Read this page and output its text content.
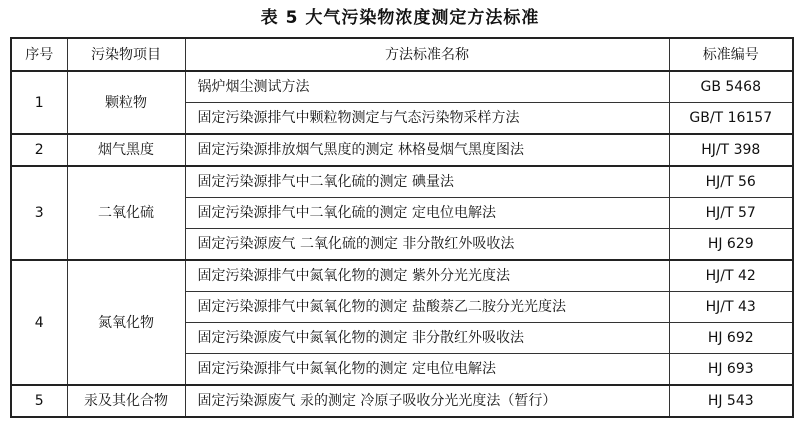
表 5 大气污染物浓度测定方法标准
序号	污染物项目	方法标准名称	标准编号
1	颗粒物	锅炉烟尘测试方法	GB 5468
		固定污染源排气中颗粒物测定与气态污染物采样方法	GB/T 16157
2	烟气黑度	固定污染源排放烟气黑度的测定 林格曼烟气黑度图法	HJ/T 398
3	二氧化硫	固定污染源排气中二氧化硫的测定 碘量法	HJ/T 56
		固定污染源排气中二氧化硫的测定 定电位电解法	HJ/T 57
		固定污染源废气 二氧化硫的测定 非分散红外吸收法	HJ 629
4	氮氧化物	固定污染源排气中氮氧化物的测定 紫外分光光度法	HJ/T 42
		固定污染源排气中氮氧化物的测定 盐酸萘乙二胺分光光度法	HJ/T 43
		固定污染源废气中氮氧化物的测定 非分散红外吸收法	HJ 692
		固定污染源排气中氮氧化物的测定 定电位电解法	HJ 693
5	汞及其化合物	固定污染源废气 汞的测定 冷原子吸收分光光度法（暂行）	HJ 543
